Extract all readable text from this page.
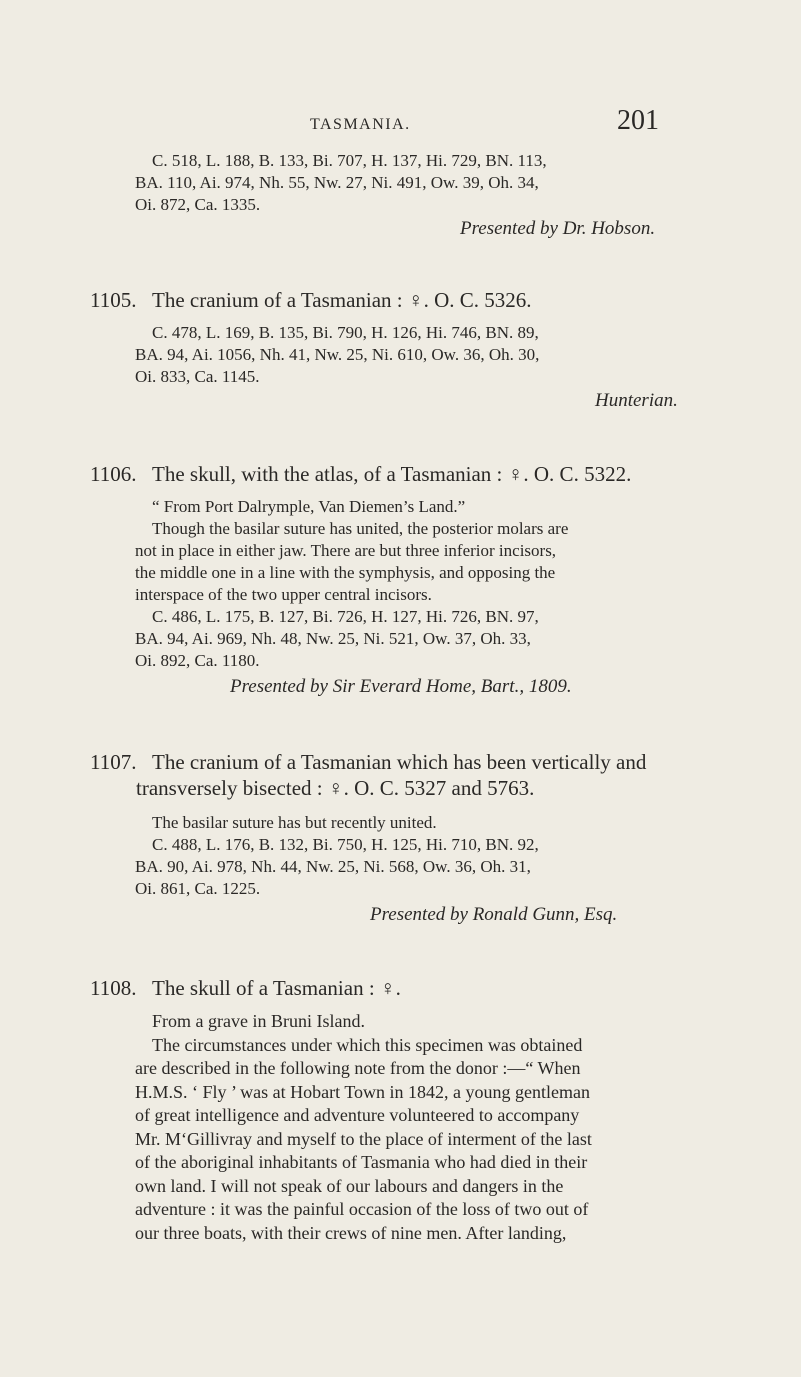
TASMANIA.	201
C. 518, L. 188, B. 133, Bi. 707, H. 137, Hi. 729, BN. 113,
BA. 110, Ai. 974, Nh. 55, Nw. 27, Ni. 491, Ow. 39, Oh. 34,
Oi. 872, Ca. 1335.
Presented by Dr. Hobson.
1105. The cranium of a Tasmanian : ♀. O. C. 5326.
C. 478, L. 169, B. 135, Bi. 790, H. 126, Hi. 746, BN. 89,
BA. 94, Ai. 1056, Nh. 41, Nw. 25, Ni. 610, Ow. 36, Oh. 30,
Oi. 833, Ca. 1145.
Hunterian.
1106. The skull, with the atlas, of a Tasmanian : ♀. O. C. 5322.
“ From Port Dalrymple, Van Diemen’s Land.”
Though the basilar suture has united, the posterior molars are
not in place in either jaw. There are but three inferior incisors,
the middle one in a line with the symphysis, and opposing the
interspace of the two upper central incisors.
C. 486, L. 175, B. 127, Bi. 726, H. 127, Hi. 726, BN. 97,
BA. 94, Ai. 969, Nh. 48, Nw. 25, Ni. 521, Ow. 37, Oh. 33,
Oi. 892, Ca. 1180.
Presented by Sir Everard Home, Bart., 1809.
1107. The cranium of a Tasmanian which has been vertically and
transversely bisected : ♀. O. C. 5327 and 5763.
The basilar suture has but recently united.
C. 488, L. 176, B. 132, Bi. 750, H. 125, Hi. 710, BN. 92,
BA. 90, Ai. 978, Nh. 44, Nw. 25, Ni. 568, Ow. 36, Oh. 31,
Oi. 861, Ca. 1225.
Presented by Ronald Gunn, Esq.
1108. The skull of a Tasmanian : ♀.
From a grave in Bruni Island.
The circumstances under which this specimen was obtained
are described in the following note from the donor :—“ When
H.M.S. ‘ Fly ’ was at Hobart Town in 1842, a young gentleman
of great intelligence and adventure volunteered to accompany
Mr. M‘Gillivray and myself to the place of interment of the last
of the aboriginal inhabitants of Tasmania who had died in their
own land. I will not speak of our labours and dangers in the
adventure : it was the painful occasion of the loss of two out of
our three boats, with their crews of nine men. After landing,
